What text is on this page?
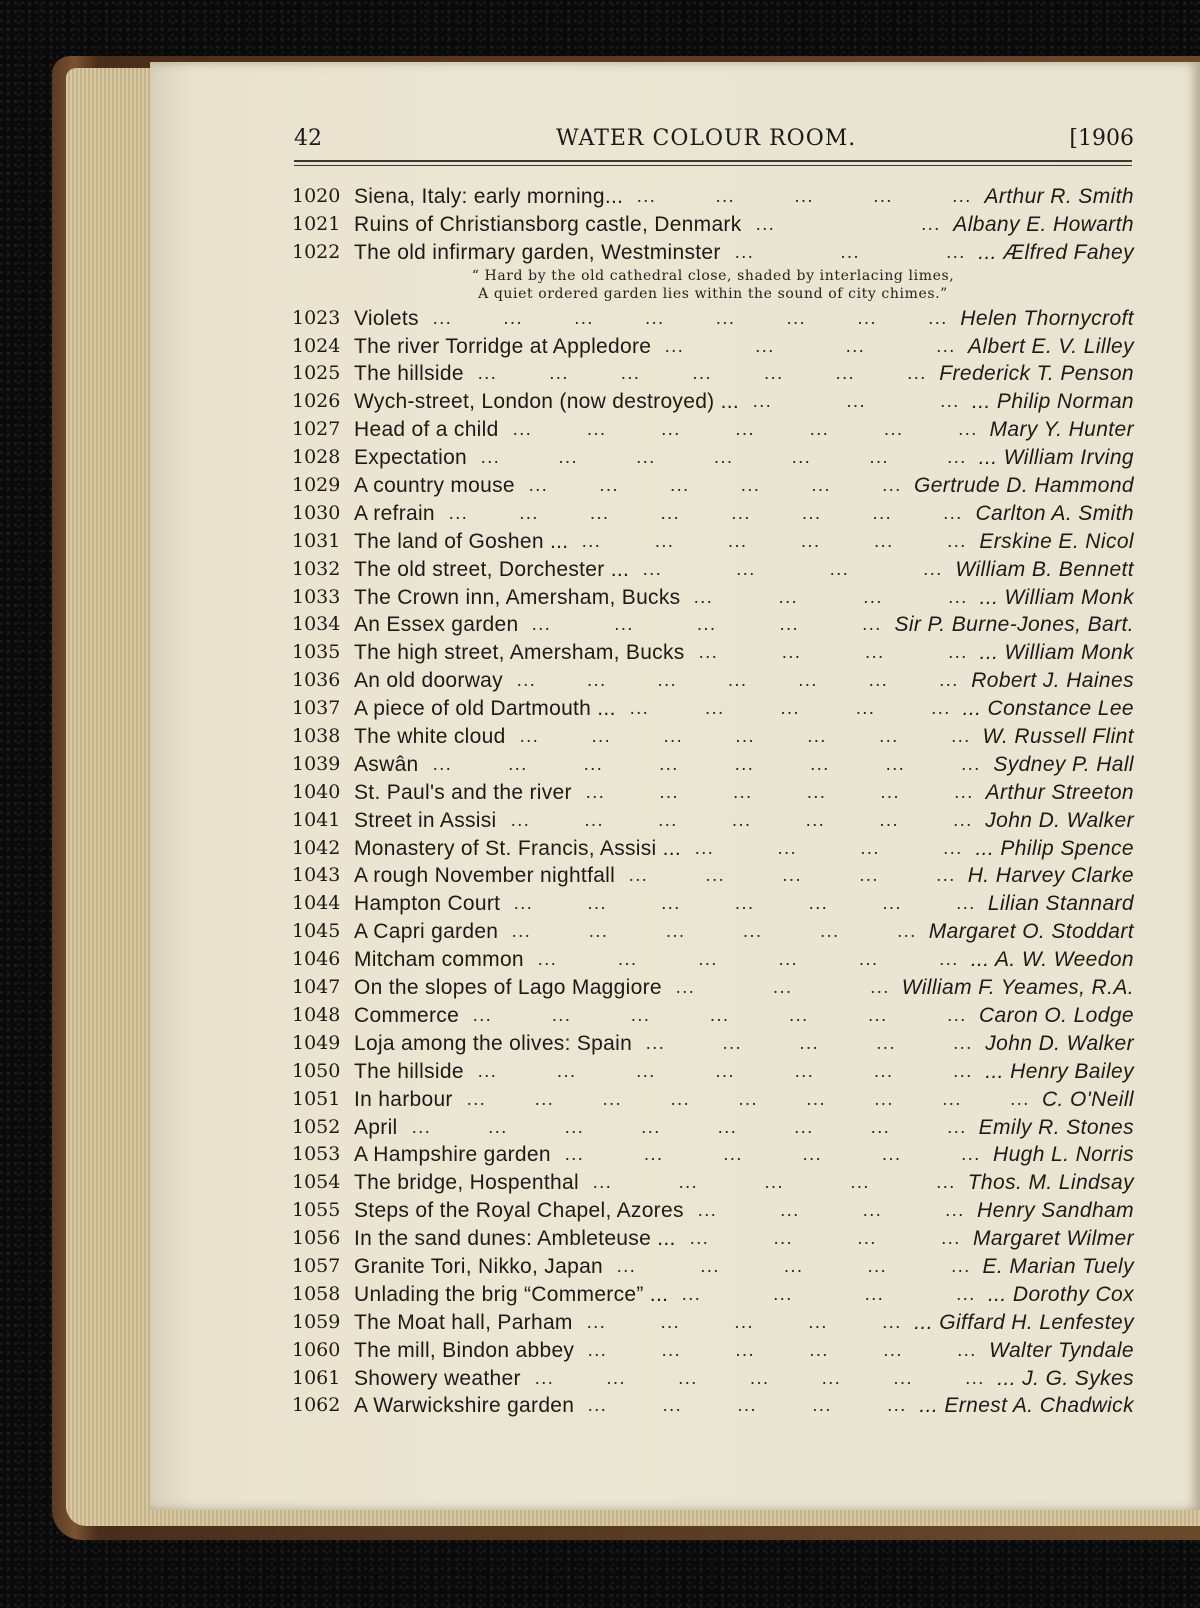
42	WATER COLOUR ROOM.	[1906
1020 Siena, Italy: early morning... ...	...	...	...	... Arthur R. Smith
1021 Ruins of Christiansborg castle, Denmark ...	... Albany E. Howarth
1022 The old infirmary garden, Westminster ...	...	... ... Ælfred Fahey
“ Hard by the old cathedral close, shaded by interlacing limes,
A quiet ordered garden lies within the sound of city chimes.”
1023 Violets ...	...	...	...	...	...	...	... Helen Thornycroft
1024 The river Torridge at Appledore ...	...	...	... Albert E. V. Lilley
1025 The hillside ...	...	...	...	...	...	... Frederick T. Penson
1026 Wych-street, London (now destroyed) ... ...	...	... ... Philip Norman
1027 Head of a child ...	...	...	...	...	...	... Mary Y. Hunter
1028 Expectation ...	...	...	...	...	...	... ... William Irving
1029 A country mouse ...	...	...	...	...	... Gertrude D. Hammond
1030 A refrain ...	...	...	...	...	...	...	... Carlton A. Smith
1031 The land of Goshen ... ...	...	...	...	...	... Erskine E. Nicol
1032 The old street, Dorchester ... ...	...	...	... William B. Bennett
1033 The Crown inn, Amersham, Bucks ...	...	...	... ... William Monk
1034 An Essex garden ...	...	...	...	... Sir P. Burne-Jones, Bart.
1035 The high street, Amersham, Bucks ...	...	...	... ... William Monk
1036 An old doorway ...	...	...	...	...	...	... Robert J. Haines
1037 A piece of old Dartmouth ... ...	...	...	...	... ... Constance Lee
1038 The white cloud ...	...	...	...	...	...	... W. Russell Flint
1039 Aswân ...	...	...	...	...	...	...	... Sydney P. Hall
1040 St. Paul's and the river ...	...	...	...	...	... Arthur Streeton
1041 Street in Assisi ...	...	...	...	...	...	... John D. Walker
1042 Monastery of St. Francis, Assisi ... ...	...	...	... ... Philip Spence
1043 A rough November nightfall ...	...	...	...	... H. Harvey Clarke
1044 Hampton Court ...	...	...	...	...	...	... Lilian Stannard
1045 A Capri garden ...	...	...	...	...	... Margaret O. Stoddart
1046 Mitcham common ...	...	...	...	...	... ... A. W. Weedon
1047 On the slopes of Lago Maggiore ...	...	... William F. Yeames, R.A.
1048 Commerce ...	...	...	...	...	...	... Caron O. Lodge
1049 Loja among the olives: Spain ...	...	...	...	... John D. Walker
1050 The hillside ...	...	...	...	...	...	... ... Henry Bailey
1051 In harbour ...	...	...	...	...	...	...	...	... C. O'Neill
1052 April ...	...	...	...	...	...	...	... Emily R. Stones
1053 A Hampshire garden ...	...	...	...	...	... Hugh L. Norris
1054 The bridge, Hospenthal ...	...	...	...	... Thos. M. Lindsay
1055 Steps of the Royal Chapel, Azores ...	...	...	... Henry Sandham
1056 In the sand dunes: Ambleteuse ... ...	...	...	... Margaret Wilmer
1057 Granite Tori, Nikko, Japan ...	...	...	...	... E. Marian Tuely
1058 Unlading the brig “Commerce” ... ...	...	...	... ... Dorothy Cox
1059 The Moat hall, Parham ...	...	...	...	... ... Giffard H. Lenfestey
1060 The mill, Bindon abbey ...	...	...	...	...	... Walter Tyndale
1061 Showery weather ...	...	...	...	...	...	... ... J. G. Sykes
1062 A Warwickshire garden ...	...	...	...	... ... Ernest A. Chadwick
